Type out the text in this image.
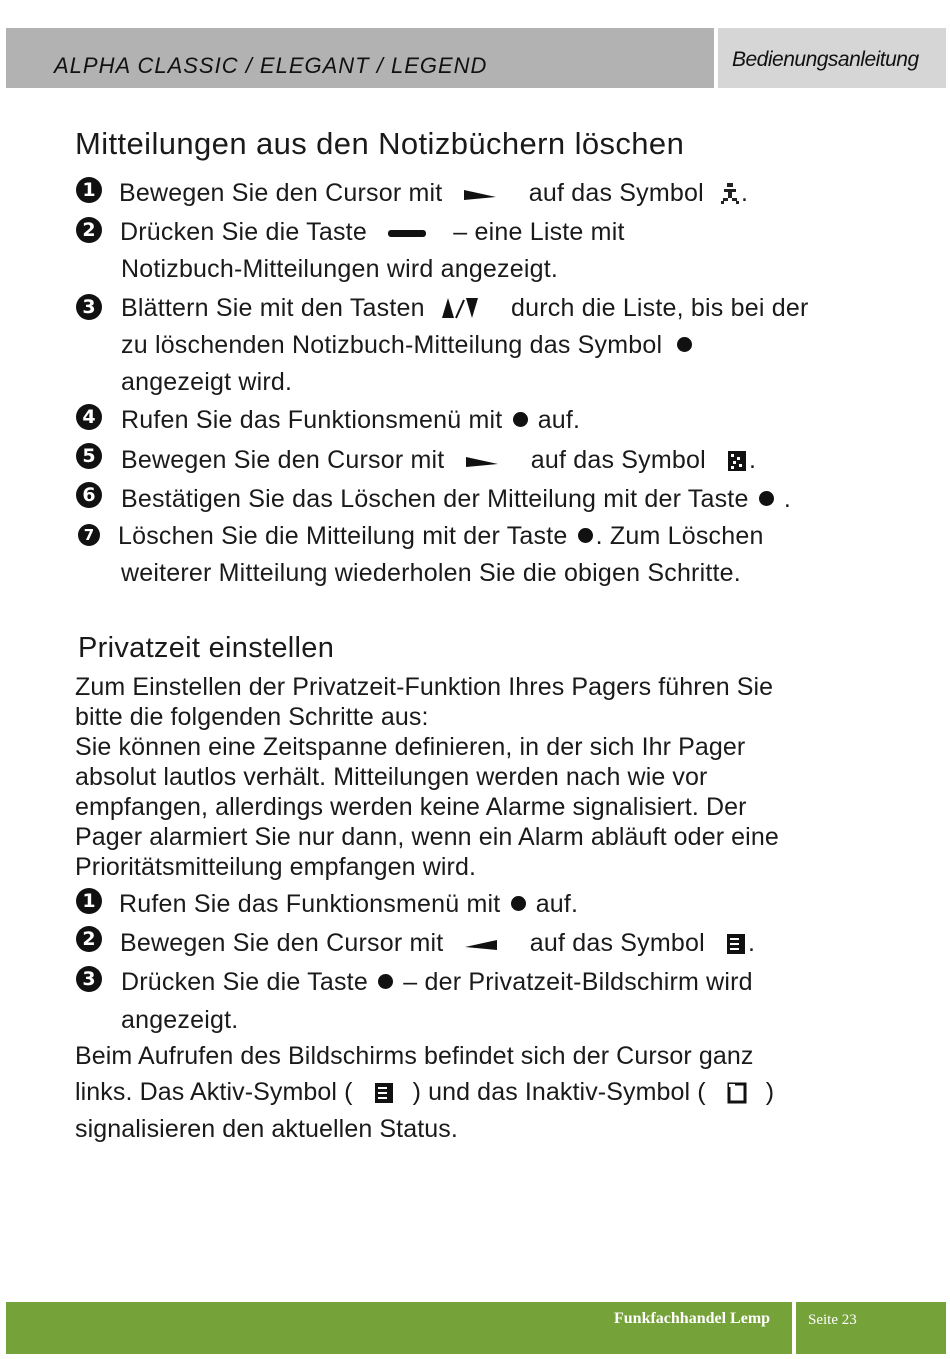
ALPHA CLASSIC / ELEGANT / LEGEND	Bedienungsanleitung
Mitteilungen aus den Notizbüchern löschen
1 Bewegen Sie den Cursor mit	auf das Symbol .
2 Drücken Sie die Taste	– eine Liste mit
Notizbuch-Mitteilungen wird angezeigt.
3 Blättern Sie mit den Tasten	durch die Liste, bis bei der
zu löschenden Notizbuch-Mitteilung das Symbol
angezeigt wird.
4 Rufen Sie das Funktionsmenü mit auf.
5 Bewegen Sie den Cursor mit	auf das Symbol .
6 Bestätigen Sie das Löschen der Mitteilung mit der Taste .
7 Löschen Sie die Mitteilung mit der Taste . Zum Löschen
weiterer Mitteilung wiederholen Sie die obigen Schritte.
Privatzeit einstellen
Zum Einstellen der Privatzeit-Funktion Ihres Pagers führen Sie
bitte die folgenden Schritte aus:
Sie können eine Zeitspanne definieren, in der sich Ihr Pager
absolut lautlos verhält. Mitteilungen werden nach wie vor
empfangen, allerdings werden keine Alarme signalisiert. Der
Pager alarmiert Sie nur dann, wenn ein Alarm abläuft oder eine
Prioritätsmitteilung empfangen wird.
1 Rufen Sie das Funktionsmenü mit auf.
2 Bewegen Sie den Cursor mit	auf das Symbol .
3 Drücken Sie die Taste – der Privatzeit-Bildschirm wird
angezeigt.
Beim Aufrufen des Bildschirms befindet sich der Cursor ganz
links. Das Aktiv-Symbol ( ) und das Inaktiv-Symbol ( )
signalisieren den aktuellen Status.
Funkfachhandel Lemp	Seite 23
